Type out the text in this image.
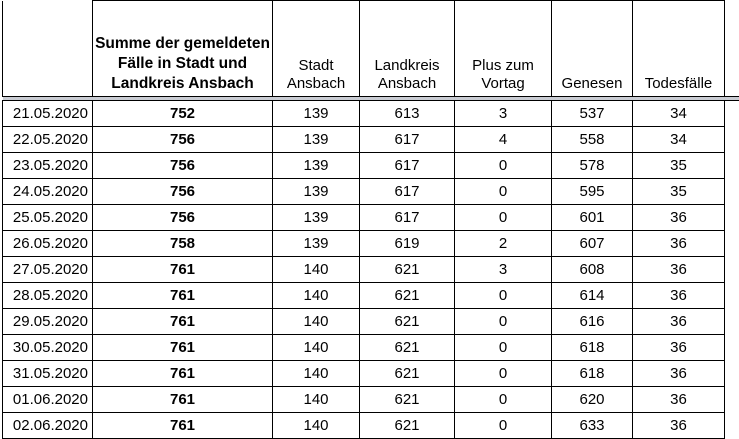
	Summe der gemeldeten Fälle in Stadt und Landkreis Ansbach	Stadt Ansbach	Landkreis Ansbach	Plus zum Vortag	Genesen	Todesfälle	

21.05.2020	752	139	613	3	537	34	
22.05.2020	756	139	617	4	558	34	
23.05.2020	756	139	617	0	578	35	
24.05.2020	756	139	617	0	595	35	
25.05.2020	756	139	617	0	601	36	
26.05.2020	758	139	619	2	607	36	
27.05.2020	761	140	621	3	608	36	
28.05.2020	761	140	621	0	614	36	
29.05.2020	761	140	621	0	616	36	
30.05.2020	761	140	621	0	618	36	
31.05.2020	761	140	621	0	618	36	
01.06.2020	761	140	621	0	620	36	
02.06.2020	761	140	621	0	633	36	
